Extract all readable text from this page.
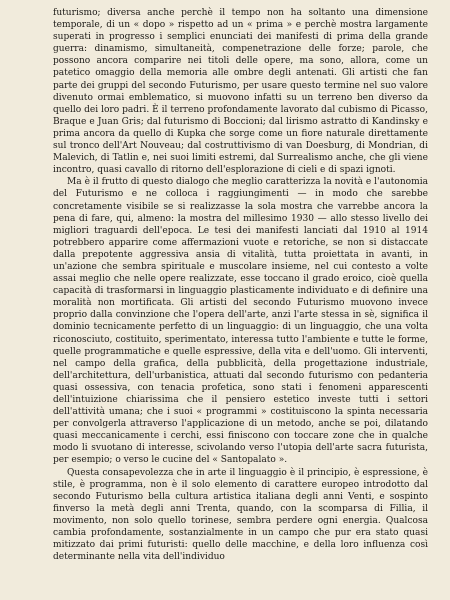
futurismo; diversa anche perchè il tempo non ha soltanto una dimensione temporale, di un « dopo » rispetto ad un « prima » e perchè mostra largamente superati in progresso i semplici enunciati dei manifesti di prima della grande guerra: dinamismo, simultaneità, compenetrazione delle forze; parole, che possono ancora comparire nei titoli delle opere, ma sono, allora, come un patetico omaggio della memoria alle ombre degli antenati. Gli artisti che fan parte dei gruppi del secondo Futurismo, per usare questo termine nel suo valore divenuto ormai emblematico, si muovono infatti su un terreno ben diverso da quello dei loro padri. È il terreno profondamente lavorato dal cubismo di Picasso, Braque e Juan Gris; dal futurismo di Boccioni; dal lirismo astratto di Kandinsky e prima ancora da quello di Kupka che sorge come un fiore naturale direttamente sul tronco dell'Art Nouveau; dal costruttivismo di van Doesburg, di Mondrian, di Malevich, di Tatlin e, nei suoi limiti estremi, dal Surrealismo anche, che gli viene incontro, quasi cavallo di ritorno dell'esplorazione di cieli e di spazi ignoti.

Ma è il frutto di questo dialogo che meglio caratterizza la novità e l'autonomia del Futurismo e ne colloca i raggiungimenti — in modo che sarebbe concretamente visibile se si realizzasse la sola mostra che varrebbe ancora la pena di fare, qui, almeno: la mostra del millesimo 1930 — allo stesso livello dei migliori traguardi dell'epoca. Le tesi dei manifesti lanciati dal 1910 al 1914 potrebbero apparire come affermazioni vuote e retoriche, se non si distaccate dalla prepotente aggressiva ansia di vitalità, tutta proiettata in avanti, in un'azione che sembra spirituale e muscolare insieme, nel cui contesto a volte assai meglio che nelle opere realizzate, esse toccano il grado eroico, cioè quella capacità di trasformarsi in linguaggio plasticamente individuato e di definire una moralità non mortificata. Gli artisti del secondo Futurismo muovono invece proprio dalla convinzione che l'opera dell'arte, anzi l'arte stessa in sè, significa il dominio tecnicamente perfetto di un linguaggio: di un linguaggio, che una volta riconosciuto, costituito, sperimentato, interessa tutto l'ambiente e tutte le forme, quelle programmatiche e quelle espressive, della vita e dell'uomo. Gli interventi, nel campo della grafica, della pubblicità, della progettazione industriale, dell'architettura, dell'urbanistica, attuati dal secondo futurismo con pedanteria quasi ossessiva, con tenacia profetica, sono stati i fenomeni apparescenti dell'intuizione chiarissima che il pensiero estetico investe tutti i settori dell'attività umana; che i suoi « programmi » costituiscono la spinta necessaria per convolgerla attraverso l'applicazione di un metodo, anche se poi, dilatando quasi meccanicamente i cerchi, essi finiscono con toccare zone che in qualche modo li svuotano di interesse, scivolando verso l'utopia dell'arte sacra futurista, per esempio; o verso le cucine del « Santopalato ».

Questa consapevolezza che in arte il linguaggio è il principio, è espressione, è stile, è programma, non è il solo elemento di carattere europeo introdotto dal secondo Futurismo bella cultura artistica italiana degli anni Venti, e sospinto finverso la metà degli anni Trenta, quando, con la scomparsa di Fillia, il movimento, non solo quello torinese, sembra perdere ogni energia. Qualcosa cambia profondamente, sostanzialmente in un campo che pur era stato quasi mitizzato dai primi futuristi: quello delle macchine, e della loro influenza così determinante nella vita dell'individuo
